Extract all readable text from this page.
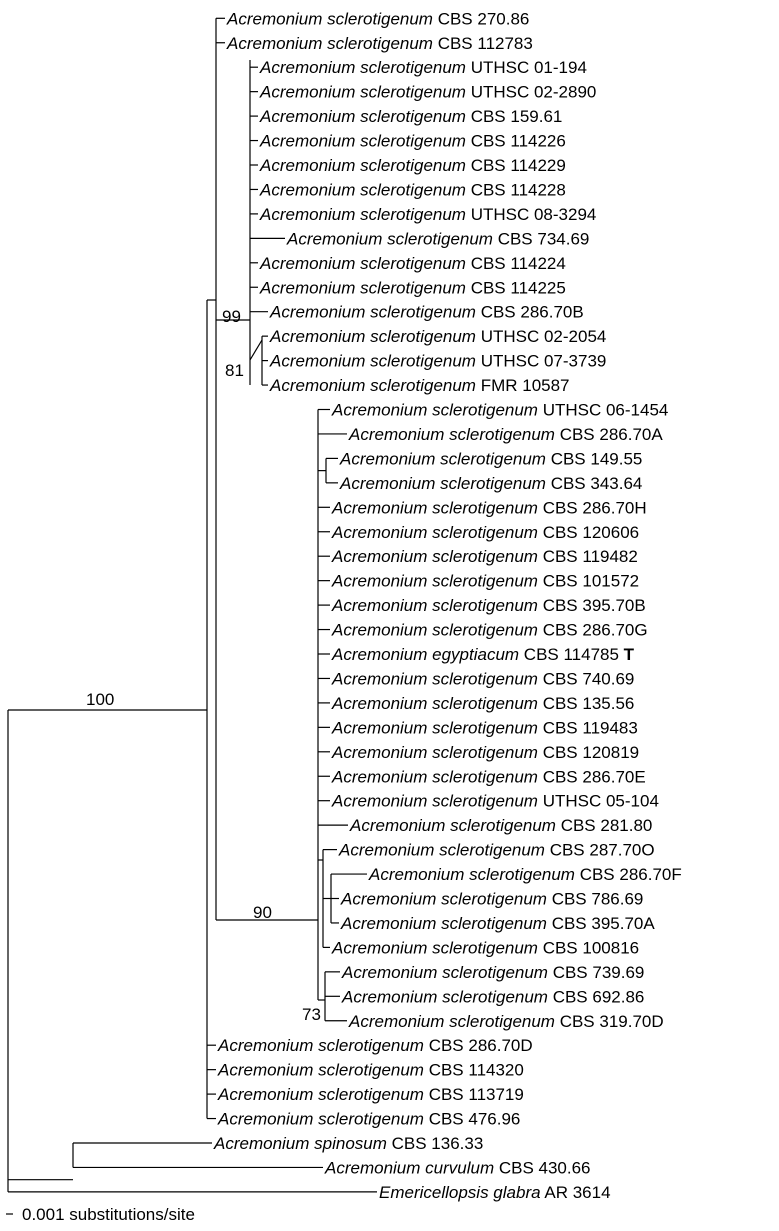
Acremonium sclerotigenum CBS 270.86
Acremonium sclerotigenum CBS 112783
Acremonium sclerotigenum UTHSC 01-194
Acremonium sclerotigenum UTHSC 02-2890
Acremonium sclerotigenum CBS 159.61
Acremonium sclerotigenum CBS 114226
Acremonium sclerotigenum CBS 114229
Acremonium sclerotigenum CBS 114228
Acremonium sclerotigenum UTHSC 08-3294
Acremonium sclerotigenum CBS 734.69
Acremonium sclerotigenum CBS 114224
Acremonium sclerotigenum CBS 114225
Acremonium sclerotigenum CBS 286.70B
Acremonium sclerotigenum UTHSC 02-2054
Acremonium sclerotigenum UTHSC 07-3739
Acremonium sclerotigenum FMR 10587
Acremonium sclerotigenum UTHSC 06-1454
Acremonium sclerotigenum CBS 286.70A
Acremonium sclerotigenum CBS 149.55
Acremonium sclerotigenum CBS 343.64
Acremonium sclerotigenum CBS 286.70H
Acremonium sclerotigenum CBS 120606
Acremonium sclerotigenum CBS 119482
Acremonium sclerotigenum CBS 101572
Acremonium sclerotigenum CBS 395.70B
Acremonium sclerotigenum CBS 286.70G
Acremonium egyptiacum CBS 114785 T
Acremonium sclerotigenum CBS 740.69
Acremonium sclerotigenum CBS 135.56
Acremonium sclerotigenum CBS 119483
Acremonium sclerotigenum CBS 120819
Acremonium sclerotigenum CBS 286.70E
Acremonium sclerotigenum UTHSC 05-104
Acremonium sclerotigenum CBS 281.80
Acremonium sclerotigenum CBS 287.70O
Acremonium sclerotigenum CBS 286.70F
Acremonium sclerotigenum CBS 786.69
Acremonium sclerotigenum CBS 395.70A
Acremonium sclerotigenum CBS 100816
Acremonium sclerotigenum CBS 739.69
Acremonium sclerotigenum CBS 692.86
Acremonium sclerotigenum CBS 319.70D
Acremonium sclerotigenum CBS 286.70D
Acremonium sclerotigenum CBS 114320
Acremonium sclerotigenum CBS 113719
Acremonium sclerotigenum CBS 476.96
Acremonium spinosum CBS 136.33
Acremonium curvulum CBS 430.66
Emericellopsis glabra AR 3614
100
99
81
90
73
0.001 substitutions/site
